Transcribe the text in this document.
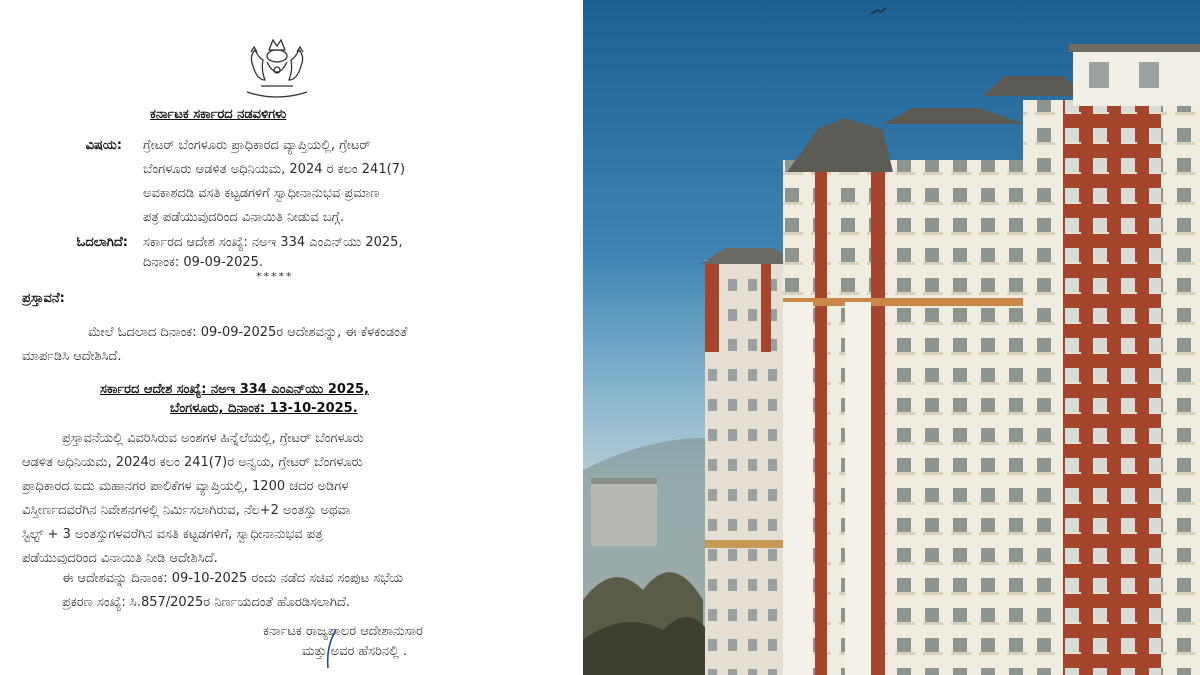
ಕರ್ನಾಟಕ ಸರ್ಕಾರದ ನಡವಳಿಗಳು
ವಿಷಯ: ಗ್ರೇಟರ್ ಬೆಂಗಳೂರು ಪ್ರಾಧಿಕಾರದ ವ್ಯಾಪ್ತಿಯಲ್ಲಿ, ಗ್ರೇಟರ್
ಬೆಂಗಳೂರು ಆಡಳಿತ ಅಧಿನಿಯಮ, 2024 ರ ಕಲಂ 241(7)
ಅವಕಾಶದಡಿ ವಸತಿ ಕಟ್ಟಡಗಳಿಗೆ ಸ್ವಾಧೀನಾನುಭವ ಪ್ರಮಾಣ
ಪತ್ರ ಪಡೆಯುವುದರಿಂದ ವಿನಾಯಿತಿ ನೀಡುವ ಬಗ್ಗೆ.
ಓದಲಾಗಿದೆ: ಸರ್ಕಾರದ ಆದೇಶ ಸಂಖ್ಯೆ: ನಅಇ 334 ಎಂಎನ್‌ಯು 2025,
ದಿನಾಂಕ: 09-09-2025.
*****
ಪ್ರಸ್ತಾವನೆ:
ಮೇಲೆ ಓದಲಾದ ದಿನಾಂಕ: 09-09-2025ರ ಆದೇಶವನ್ನು, ಈ ಕೆಳಕಂಡಂತೆ
ಮಾರ್ಪಡಿಸಿ ಆದೇಶಿಸಿದೆ.
ಸರ್ಕಾರದ ಆದೇಶ ಸಂಖ್ಯೆ: ನಅಇ 334 ಎಂಎನ್‌ಯು 2025,
ಬೆಂಗಳೂರು, ದಿನಾಂಕ: 13-10-2025.
ಪ್ರಸ್ತಾವನೆಯಲ್ಲಿ ವಿವರಿಸಿರುವ ಅಂಶಗಳ ಹಿನ್ನೆಲೆಯಲ್ಲಿ, ಗ್ರೇಟರ್ ಬೆಂಗಳೂರು
ಆಡಳಿತ ಅಧಿನಿಯಮ, 2024ರ ಕಲಂ 241(7)ರ ಅನ್ವಯ, ಗ್ರೇಟರ್ ಬೆಂಗಳೂರು
ಪ್ರಾಧಿಕಾರದ ಐದು ಮಹಾನಗರ ಪಾಲಿಕೆಗಳ ವ್ಯಾಪ್ತಿಯಲ್ಲಿ, 1200 ಚದರ ಅಡಿಗಳ
ವಿಸ್ತೀರ್ಣದವರೆಗಿನ ನಿವೇಶನಗಳಲ್ಲಿ ನಿರ್ಮಿಸಲಾಗಿರುವ, ನೆಲ+2 ಅಂತಸ್ತು ಅಥವಾ
ಸ್ಟಿಲ್ಟ್ + 3 ಅಂತಸ್ತುಗಳವರೆಗಿನ ವಸತಿ ಕಟ್ಟಡಗಳಿಗೆ, ಸ್ವಾಧೀನಾನುಭವ ಪತ್ರ
ಪಡೆಯುವುದರಿಂದ ವಿನಾಯಿತಿ ನೀಡಿ ಆದೇಶಿಸಿದೆ.
ಈ ಆದೇಶವನ್ನು ದಿನಾಂಕ: 09-10-2025 ರಂದು ನಡೆದ ಸಚಿವ ಸಂಪುಟ ಸಭೆಯ
ಪ್ರಕರಣ ಸಂಖ್ಯೆ: ಸಿ.857/2025ರ ನಿರ್ಣಯದಂತೆ ಹೊರಡಿಸಲಾಗಿದೆ.
ಕರ್ನಾಟಕ ರಾಜ್ಯಪಾಲರ ಆದೇಶಾನುಸಾರ
ಮತ್ತು ಅವರ ಹೆಸರಿನಲ್ಲಿ .
